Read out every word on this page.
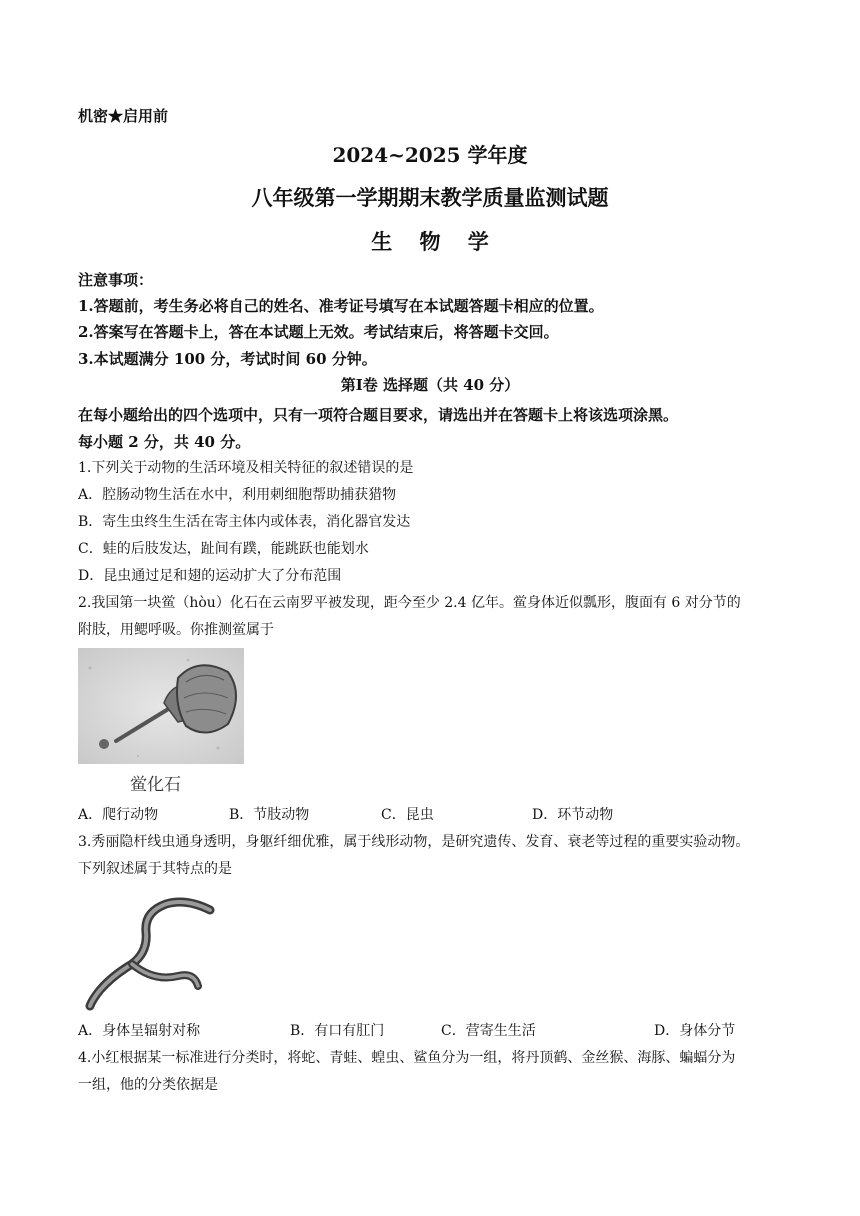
机密★启用前
2024~2025 学年度
八年级第一学期期末教学质量监测试题
生 物 学
注意事项：
1.答题前，考生务必将自己的姓名、准考证号填写在本试题答题卡相应的位置。
2.答案写在答题卡上，答在本试题上无效。考试结束后，将答题卡交回。
3.本试题满分 100 分，考试时间 60 分钟。
第Ⅰ卷 选择题（共 40 分）
在每小题给出的四个选项中，只有一项符合题目要求，请选出并在答题卡上将该选项涂黑。
每小题 2 分，共 40 分。
1.下列关于动物的生活环境及相关特征的叙述错误的是
A．腔肠动物生活在水中，利用刺细胞帮助捕获猎物
B．寄生虫终生生活在寄主体内或体表，消化器官发达
C．蛙的后肢发达，趾间有蹼，能跳跃也能划水
D．昆虫通过足和翅的运动扩大了分布范围
2.我国第一块鲎（hòu）化石在云南罗平被发现，距今至少 2.4 亿年。鲎身体近似瓢形，腹面有 6 对分节的
附肢，用鳃呼吸。你推测鲎属于
鲎化石
A．爬行动物	B．节肢动物	C．昆虫	D．环节动物
3.秀丽隐杆线虫通身透明，身躯纤细优雅，属于线形动物，是研究遗传、发育、衰老等过程的重要实验动物。
下列叙述属于其特点的是
A．身体呈辐射对称	B．有口有肛门	C．营寄生生活	D．身体分节
4.小红根据某一标准进行分类时，将蛇、青蛙、蝗虫、鲨鱼分为一组，将丹顶鹤、金丝猴、海豚、蝙蝠分为
一组，他的分类依据是
